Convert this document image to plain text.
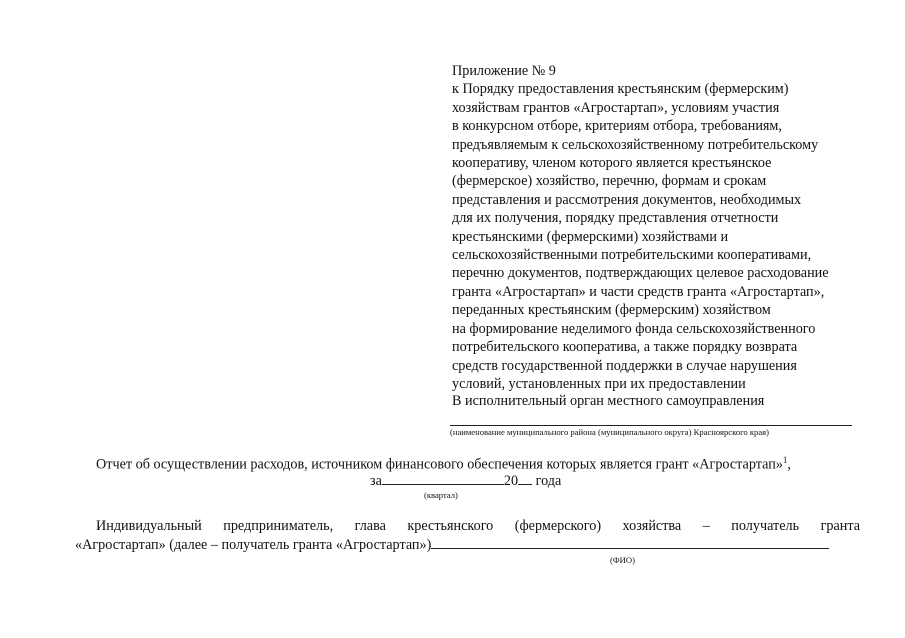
Приложение № 9
к Порядку предоставления крестьянским (фермерским)
хозяйствам грантов «Агростартап», условиям участия
в конкурсном отборе, критериям отбора, требованиям,
предъявляемым к сельскохозяйственному потребительскому
кооперативу, членом которого является крестьянское
(фермерское) хозяйство, перечню, формам и срокам
представления и рассмотрения документов, необходимых
для их получения, порядку представления отчетности
крестьянскими (фермерскими) хозяйствами и
сельскохозяйственными потребительскими кооперативами,
перечню документов, подтверждающих целевое расходование
гранта «Агростартап» и части средств гранта «Агростартап»,
переданных крестьянским (фермерским) хозяйством
на формирование неделимого фонда сельскохозяйственного
потребительского кооператива, а также порядку возврата
средств государственной поддержки в случае нарушения
условий, установленных при их предоставлении
В исполнительный орган местного самоуправления
(наименование муниципального района (муниципального округа) Красноярского края)
Отчет об осуществлении расходов, источником финансового обеспечения которых является грант «Агростартап»$^1$,
за	20 года
(квартал)
Индивидуальный предприниматель, глава крестьянского (фермерского) хозяйства – получатель гранта
«Агростартап» (далее – получатель гранта «Агростартап»)
(ФИО)
